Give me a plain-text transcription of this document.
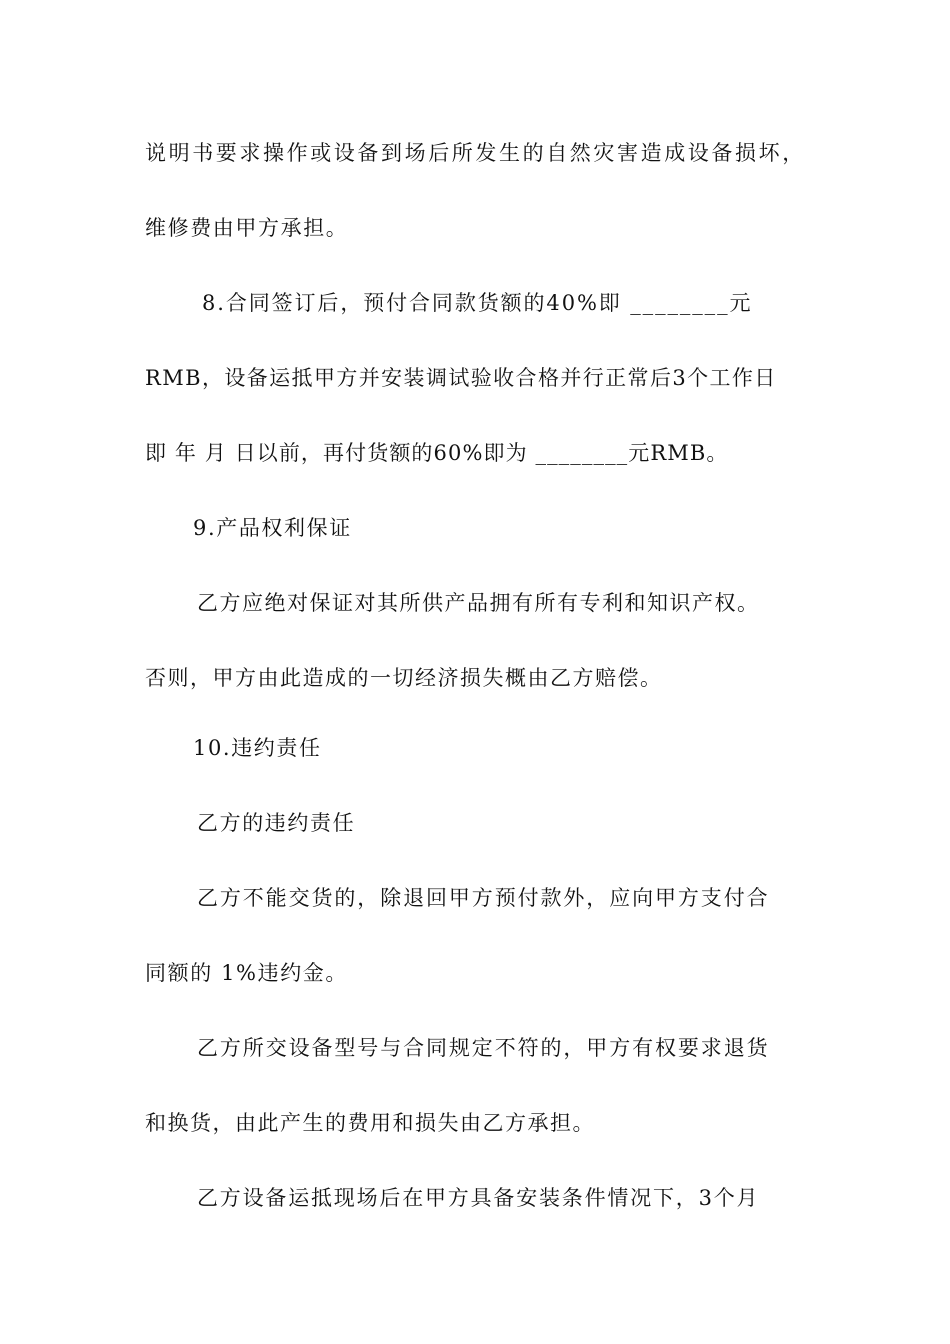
说明书要求操作或设备到场后所发生的自然灾害造成设备损坏，
维修费由甲方承担。
8.合同签订后，预付合同款货额的40%即 ________元
RMB，设备运抵甲方并安装调试验收合格并行正常后3个工作日
即 年 月 日以前，再付货额的60%即为 ________元RMB。
9.产品权利保证
乙方应绝对保证对其所供产品拥有所有专利和知识产权。
否则，甲方由此造成的一切经济损失概由乙方赔偿。
10.违约责任
乙方的违约责任
乙方不能交货的，除退回甲方预付款外，应向甲方支付合
同额的 1%违约金。
乙方所交设备型号与合同规定不符的，甲方有权要求退货
和换货，由此产生的费用和损失由乙方承担。
乙方设备运抵现场后在甲方具备安装条件情况下，3个月
